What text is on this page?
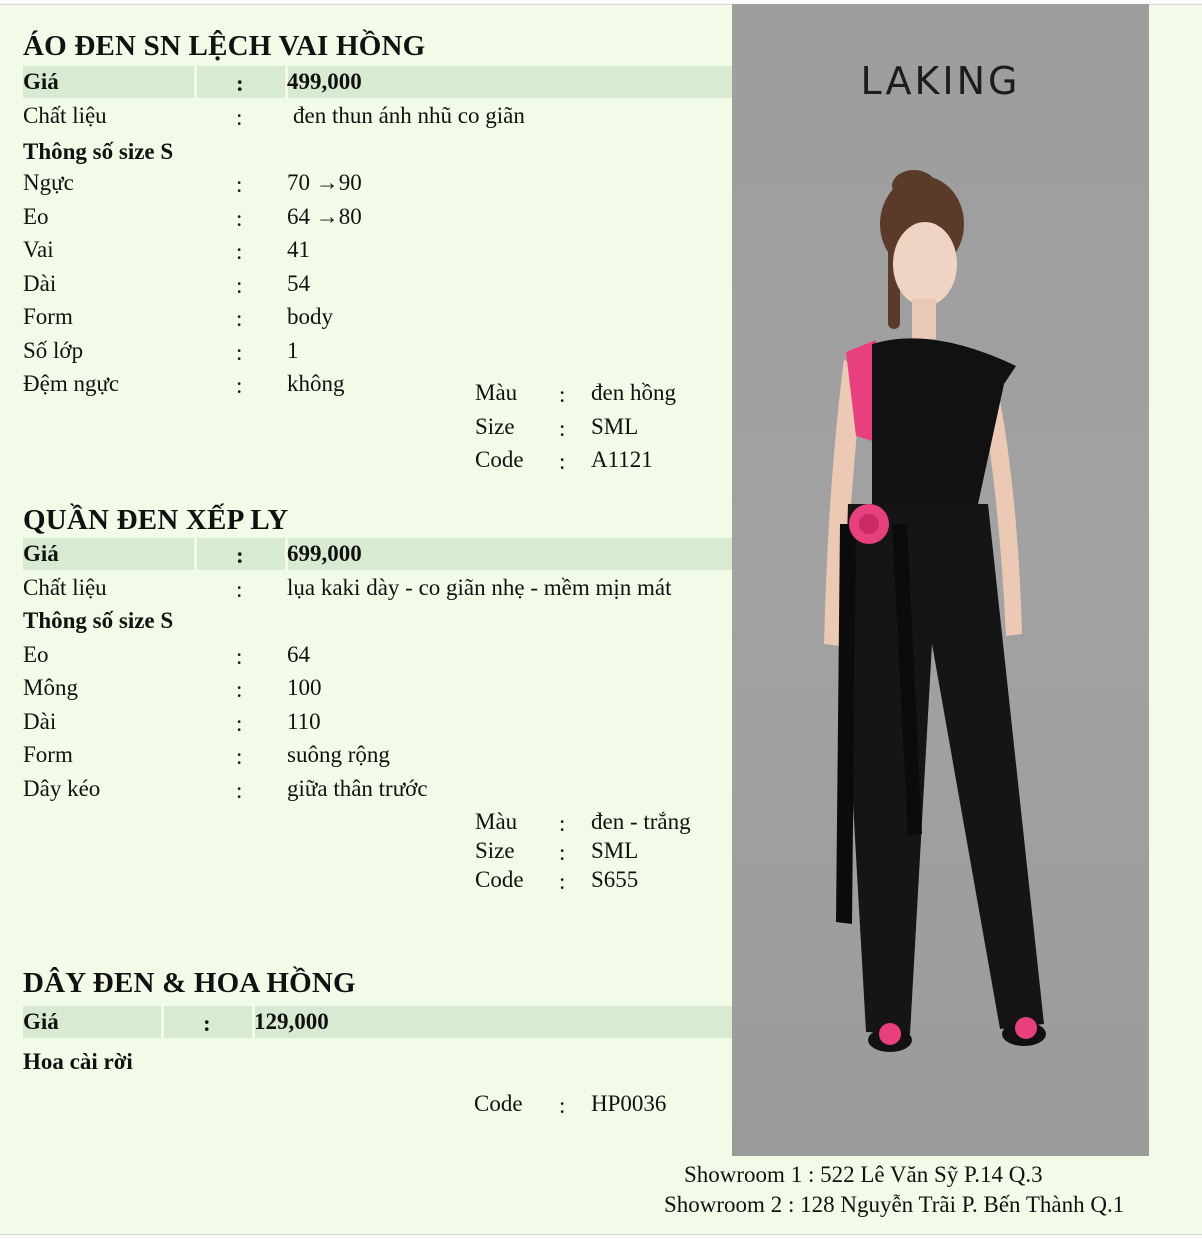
ÁO ĐEN SN LỆCH VAI HỒNG
Giá	: 499,000
Chất liệu	: đen thun ánh nhũ co giãn
Thông số size S
Ngực	: 70 →90
Eo	: 64 →80
Vai	: 41
Dài	: 54
Form	: body
Số lớp	: 1
Đệm ngực	: không	Màu : đen hồng
Size : SML
Code : A1121
QUẦN ĐEN XẾP LY
Giá	: 699,000
Chất liệu	: lụa kaki dày - co giãn nhẹ - mềm mịn mát
Thông số size S
Eo	: 64
Mông	: 100
Dài	: 110
Form	: suông rộng
Dây kéo	: giữa thân trước
Màu : đen - trắng
Size : SML
Code : S655
DÂY ĐEN & HOA HỒNG
Giá	: 129,000
Hoa cài rời
Code : HP0036
LAKING
Showroom 1 : 522 Lê Văn Sỹ P.14 Q.3
Showroom 2 : 128 Nguyễn Trãi P. Bến Thành Q.1
